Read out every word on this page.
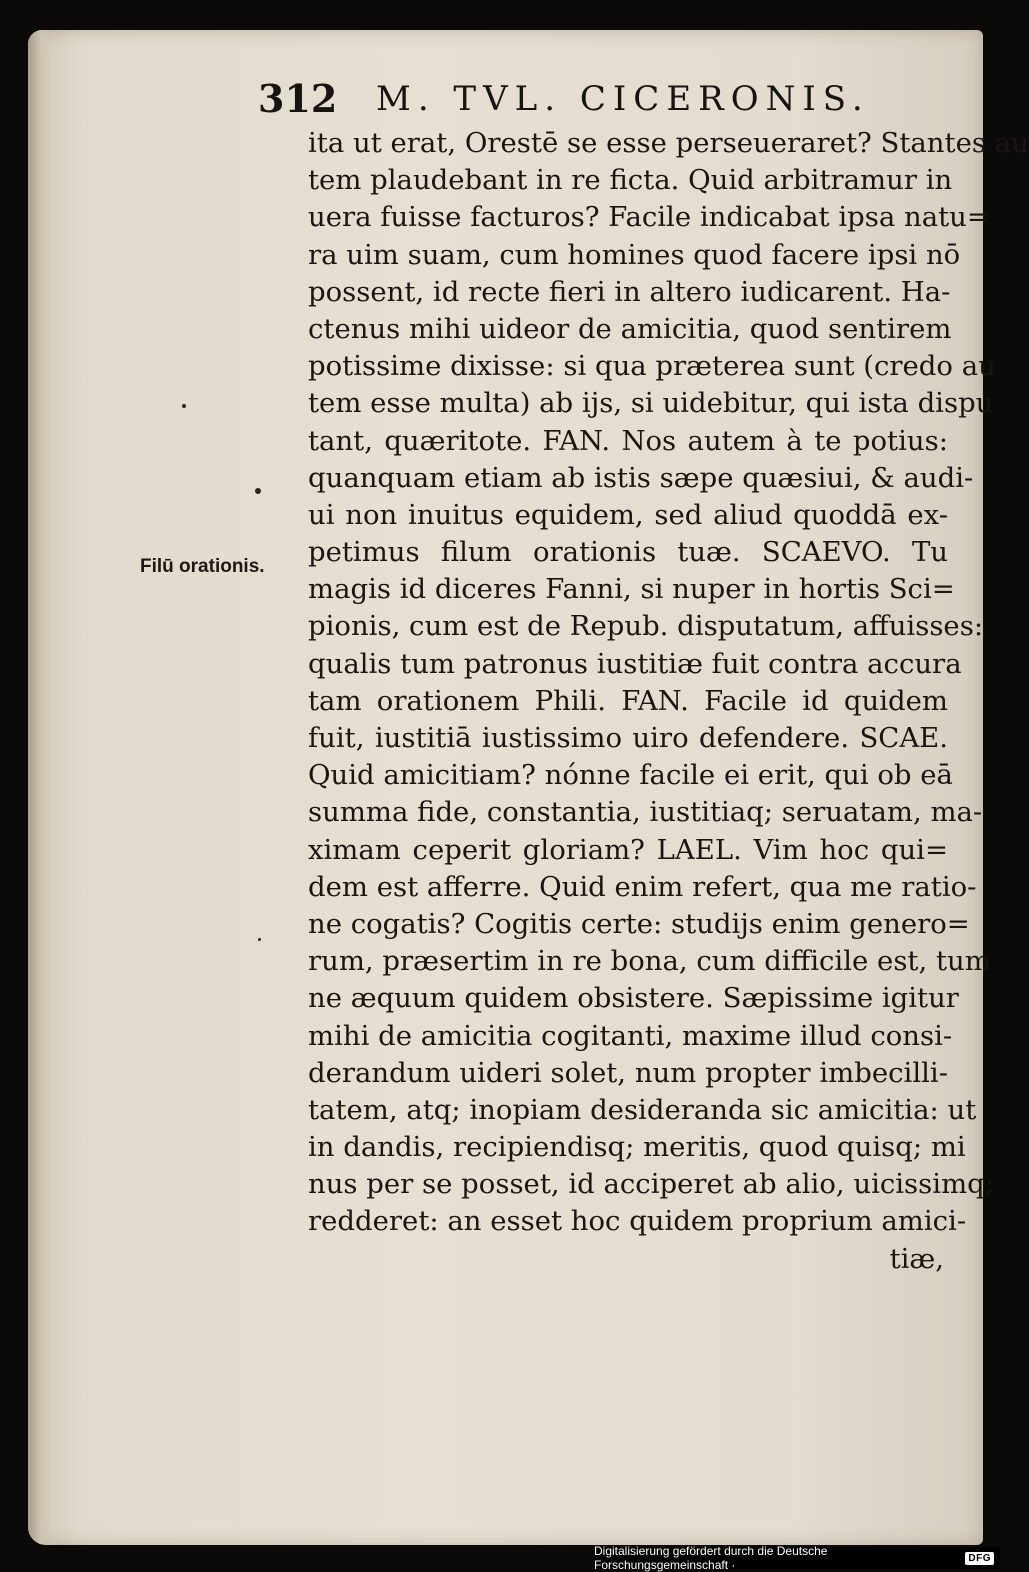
312 M. TVL. CICERONIS.
Filū orationis.
ita ut erat, Orestē se esse perseueraret? Stantes au
tem plaudebant in re ficta. Quid arbitramur in
uera fuisse facturos? Facile indicabat ipsa natu=
ra uim suam, cum homines quod facere ipsi nō
possent, id recte fieri in altero iudicarent. Ha-
ctenus mihi uideor de amicitia, quod sentirem
potissime dixisse: si qua præterea sunt (credo au
tem esse multa) ab ijs, si uidebitur, qui ista dispu
tant, quæritote. FAN. Nos autem à te potius:
quanquam etiam ab istis sæpe quæsiui, & audi-
ui non inuitus equidem, sed aliud quoddā ex-
petimus filum orationis tuæ. SCAEVO. Tu
magis id diceres Fanni, si nuper in hortis Sci=
pionis, cum est de Repub. disputatum, affuisses:
qualis tum patronus iustitiæ fuit contra accura
tam orationem Phili. FAN. Facile id quidem
fuit, iustitiā iustissimo uiro defendere. SCAE.
Quid amicitiam? nónne facile ei erit, qui ob eā
summa fide, constantia, iustitiaq; seruatam, ma-
ximam ceperit gloriam? LAEL. Vim hoc qui=
dem est afferre. Quid enim refert, qua me ratio-
ne cogatis? Cogitis certe: studijs enim genero=
rum, præsertim in re bona, cum difficile est, tum
ne æquum quidem obsistere. Sæpissime igitur
mihi de amicitia cogitanti, maxime illud consi-
derandum uideri solet, num propter imbecilli-
tatem, atq; inopiam desideranda sic amicitia: ut
in dandis, recipiendisq; meritis, quod quisq; mi
nus per se posset, id acciperet ab alio, uicissimq;
redderet: an esset hoc quidem proprium amici-
tiæ,
Digitalisierung gefördert durch die Deutsche Forschungsgemeinschaft ·	DFG
